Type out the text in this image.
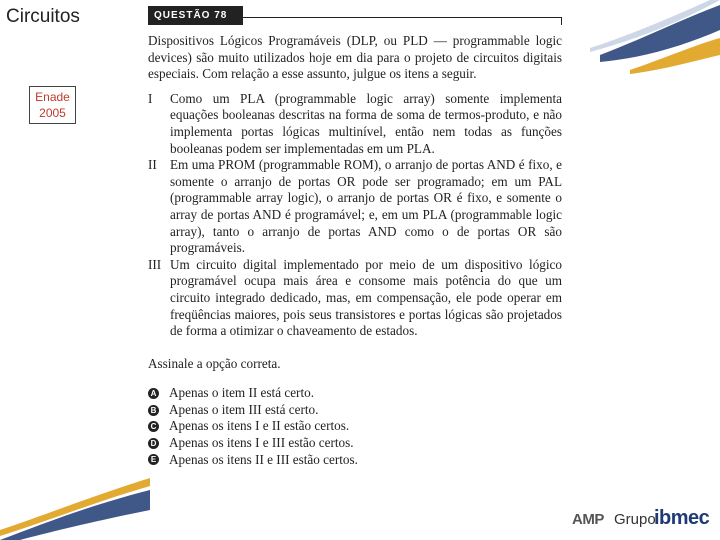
Circuitos
Enade
2005
QUESTÃO 78

Dispositivos Lógicos Programáveis (DLP, ou PLD — programmable logic devices) são muito utilizados hoje em dia para o projeto de circuitos digitais especiais. Com relação a esse assunto, julgue os itens a seguir.

I	Como um PLA (programmable logic array) somente implementa equações booleanas descritas na forma de soma de termos-produto, e não implementa portas lógicas multinível, então nem todas as funções booleanas podem ser implementadas em um PLA.
II	Em uma PROM (programmable ROM), o arranjo de portas AND é fixo, e somente o arranjo de portas OR pode ser programado; em um PAL (programmable array logic), o arranjo de portas OR é fixo, e somente o array de portas AND é programável; e, em um PLA (programmable logic array), tanto o arranjo de portas AND como o de portas OR são programáveis.
III Um circuito digital implementado por meio de um dispositivo lógico programável ocupa mais área e consome mais potência do que um circuito integrado dedicado, mas, em compensação, ele pode operar em freqüências maiores, pois seus transistores e portas lógicas são projetados de forma a otimizar o chaveamento de estados.

Assinale a opção correta.

A Apenas o item II está certo.
B Apenas o item III está certo.
C Apenas os itens I e II estão certos.
D Apenas os itens I e III estão certos.
E Apenas os itens II e III estão certos.
AMP Grupo
ibmec
